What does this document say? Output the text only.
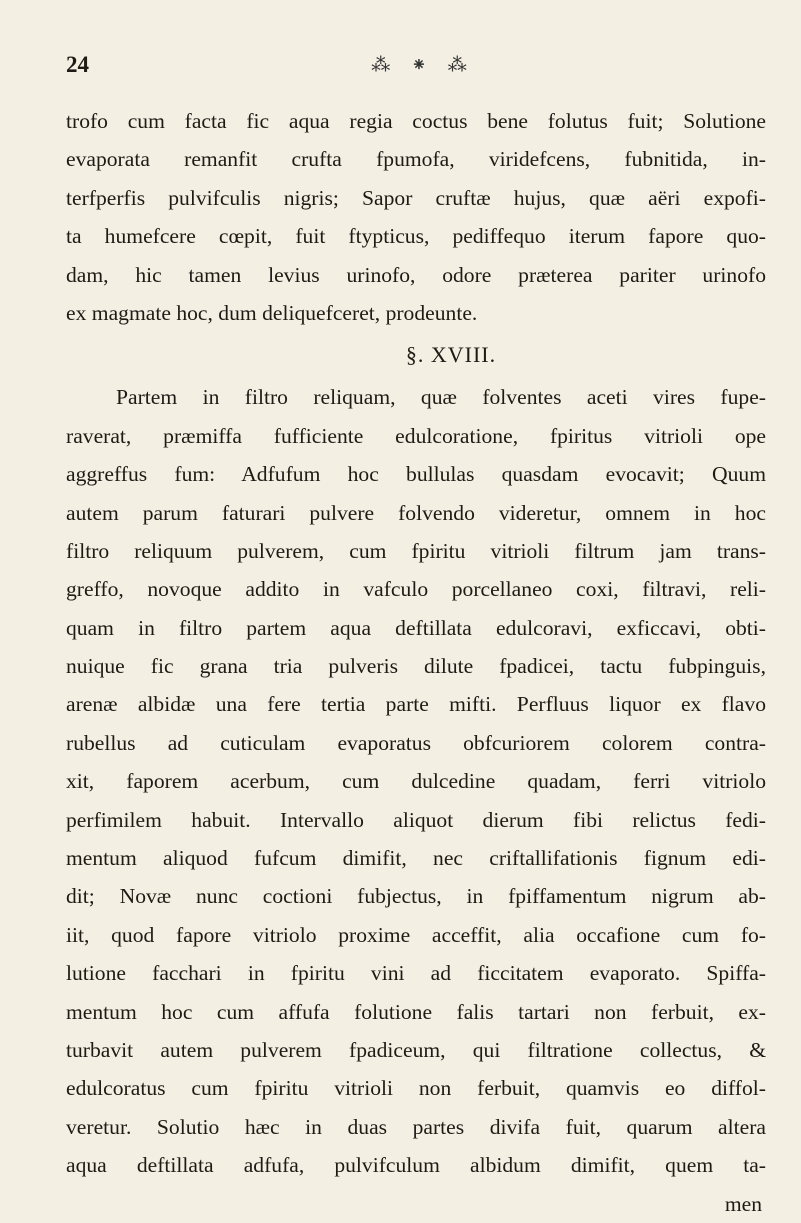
24	⁂ ⁕ ⁂
trofo cum facta fic aqua regia coctus bene folutus fuit; Solutione
evaporata remanfit crufta fpumofa, viridefcens, fubnitida, in-
terfperfis pulvifculis nigris; Sapor cruftæ hujus, quæ aëri expofi-
ta humefcere cœpit, fuit ftypticus, pediffequo iterum fapore quo-
dam, hic tamen levius urinofo, odore præterea pariter urinofo
ex magmate hoc, dum deliquefceret, prodeunte.
§. XVIII.
Partem in filtro reliquam, quæ folventes aceti vires fupe-
raverat, præmiffa fufficiente edulcoratione, fpiritus vitrioli ope
aggreffus fum: Adfufum hoc bullulas quasdam evocavit; Quum
autem parum faturari pulvere folvendo videretur, omnem in hoc
filtro reliquum pulverem, cum fpiritu vitrioli filtrum jam trans-
greffo, novoque addito in vafculo porcellaneo coxi, filtravi, reli-
quam in filtro partem aqua deftillata edulcoravi, exficcavi, obti-
nuique fic grana tria pulveris dilute fpadicei, tactu fubpinguis,
arenæ albidæ una fere tertia parte mifti. Perfluus liquor ex flavo
rubellus ad cuticulam evaporatus obfcuriorem colorem contra-
xit, faporem acerbum, cum dulcedine quadam, ferri vitriolo
perfimilem habuit. Intervallo aliquot dierum fibi relictus fedi-
mentum aliquod fufcum dimifit, nec criftallifationis fignum edi-
dit; Novæ nunc coctioni fubjectus, in fpiffamentum nigrum ab-
iit, quod fapore vitriolo proxime acceffit, alia occafione cum fo-
lutione facchari in fpiritu vini ad ficcitatem evaporato. Spiffa-
mentum hoc cum affufa folutione falis tartari non ferbuit, ex-
turbavit autem pulverem fpadiceum, qui filtratione collectus, &
edulcoratus cum fpiritu vitrioli non ferbuit, quamvis eo diffol-
veretur. Solutio hæc in duas partes divifa fuit, quarum altera
aqua deftillata adfufa, pulvifculum albidum dimifit, quem ta-
men
